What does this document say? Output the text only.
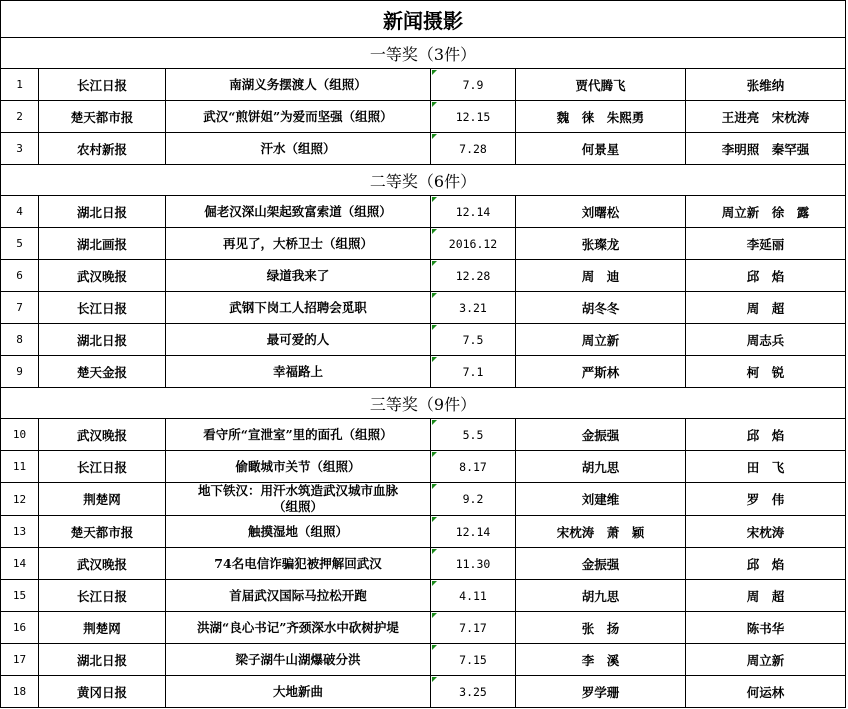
新闻摄影					
一等奖（3件）					
1	长江日报	南湖义务摆渡人（组照）	7.9	贾代腾飞	张维纳
2	楚天都市报	武汉“煎饼姐”为爱而坚强（组照）	12.15	魏　徕　朱熙勇	王进亮　宋枕涛
3	农村新报	汗水（组照）	7.28	何景星	李明照　秦罕强
二等奖（6件）					
4	湖北日报	倔老汉深山架起致富索道（组照）	12.14	刘曙松	周立新　徐　露
5	湖北画报	再见了，大桥卫士（组照）	2016.12	张璨龙	李延丽
6	武汉晚报	绿道我来了	12.28	周　迪	邱　焰
7	长江日报	武钢下岗工人招聘会觅职	3.21	胡冬冬	周　超
8	湖北日报	最可爱的人	7.5	周立新	周志兵
9	楚天金报	幸福路上	7.1	严斯林	柯　锐
三等奖（9件）					
10	武汉晚报	看守所“宣泄室”里的面孔（组照）	5.5	金振强	邱　焰
11	长江日报	偷瞰城市关节（组照）	8.17	胡九思	田　飞
12	荆楚网	地下铁汉：用汗水筑造武汉城市血脉（组照）	9.2	刘建维	罗　伟
13	楚天都市报	触摸湿地（组照）	12.14	宋枕涛　萧　颖	宋枕涛
14	武汉晚报	74名电信诈骗犯被押解回武汉	11.30	金振强	邱　焰
15	长江日报	首届武汉国际马拉松开跑	4.11	胡九思	周　超
16	荆楚网	洪湖“良心书记”齐颈深水中砍树护堤	7.17	张　扬	陈书华
17	湖北日报	梁子湖牛山湖爆破分洪	7.15	李　溪	周立新
18	黄冈日报	大地新曲	3.25	罗学珊	何运林
